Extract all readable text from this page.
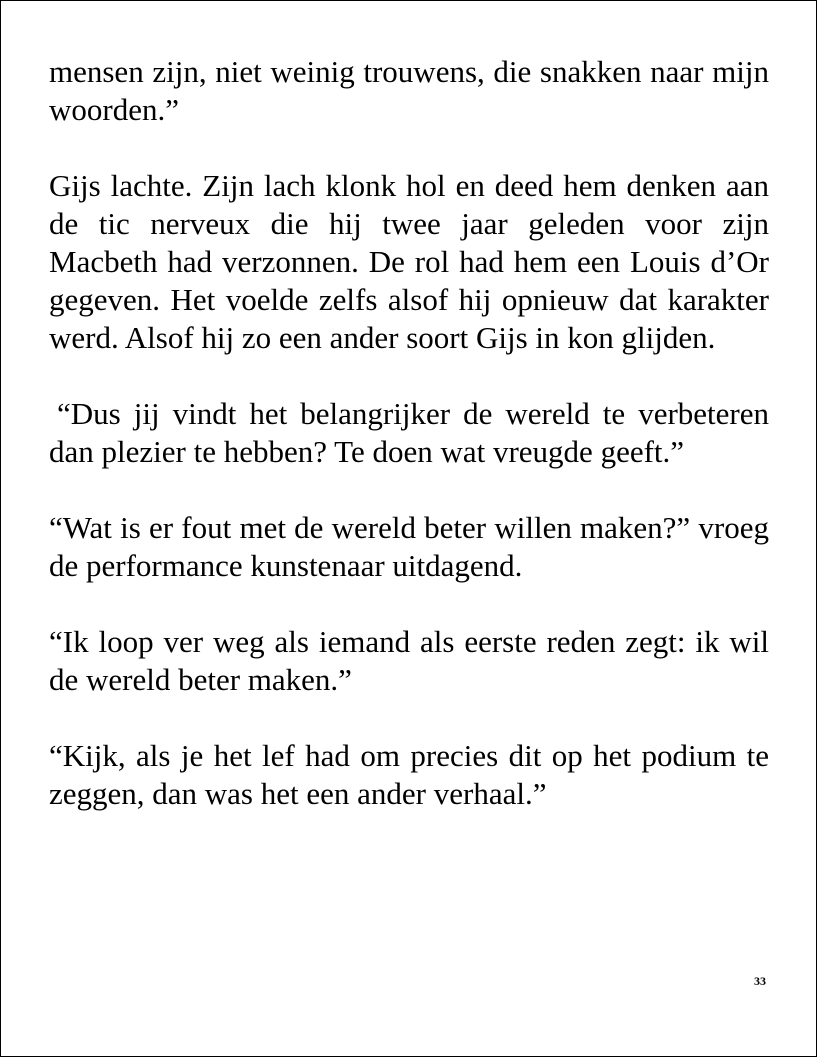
mensen zijn, niet weinig trouwens, die snakken naar mijn woorden.”

Gijs lachte. Zijn lach klonk hol en deed hem denken aan de tic nerveux die hij twee jaar geleden voor zijn Macbeth had verzonnen. De rol had hem een Louis d’Or gegeven. Het voelde zelfs alsof hij opnieuw dat karakter werd. Alsof hij zo een ander soort Gijs in kon glijden.

“Dus jij vindt het belangrijker de wereld te verbeteren dan plezier te hebben? Te doen wat vreugde geeft.”

“Wat is er fout met de wereld beter willen maken?” vroeg de performance kunstenaar uitdagend.

“Ik loop ver weg als iemand als eerste reden zegt: ik wil de wereld beter maken.”

“Kijk, als je het lef had om precies dit op het podium te zeggen, dan was het een ander verhaal.”

33
